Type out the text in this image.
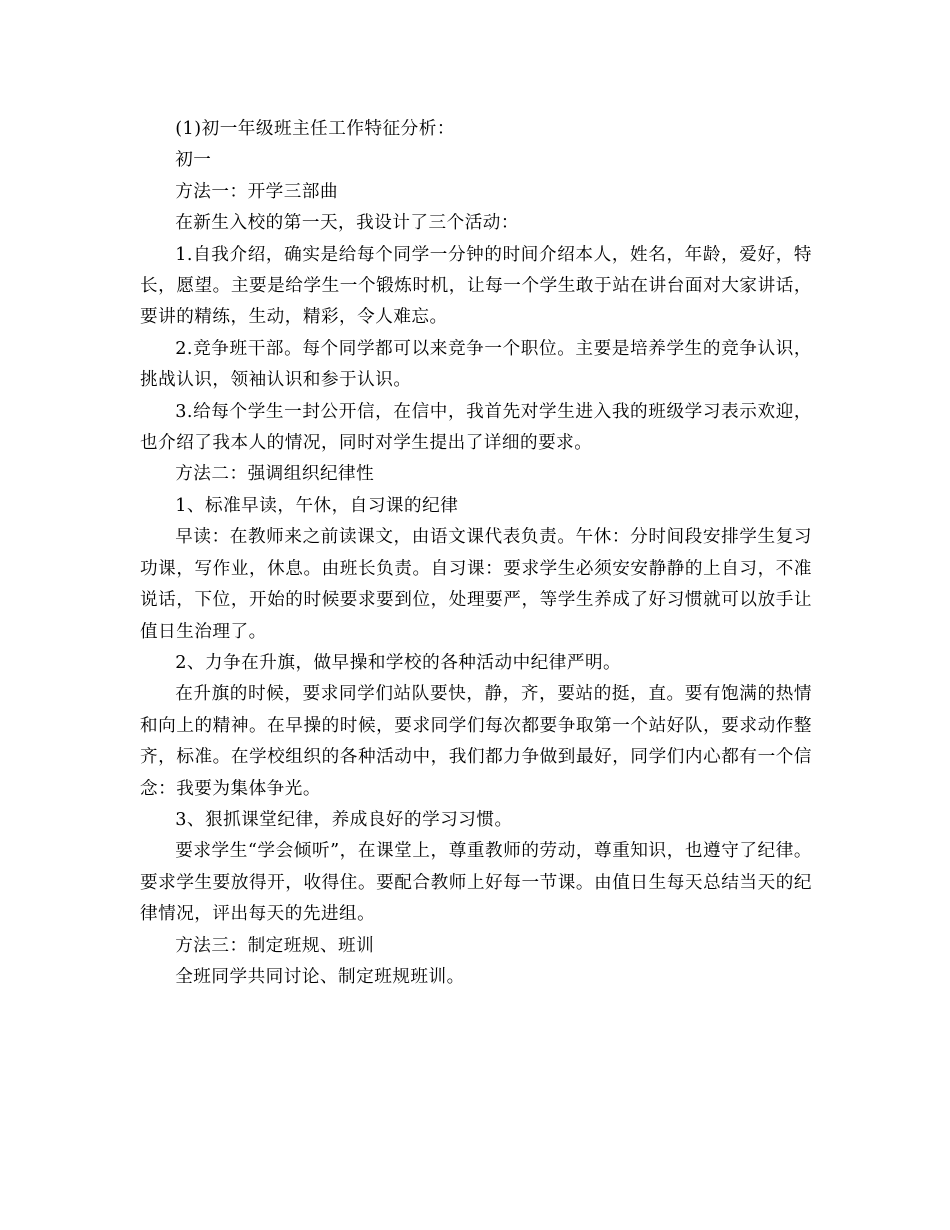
(1)初一年级班主任工作特征分析：

初一

方法一：开学三部曲

在新生入校的第一天，我设计了三个活动：

1.自我介绍，确实是给每个同学一分钟的时间介绍本人，姓名，年龄，爱好，特长，愿望。主要是给学生一个锻炼时机，让每一个学生敢于站在讲台面对大家讲话，要讲的精练，生动，精彩，令人难忘。

2.竞争班干部。每个同学都可以来竞争一个职位。主要是培养学生的竞争认识，挑战认识，领袖认识和参于认识。

3.给每个学生一封公开信，在信中，我首先对学生进入我的班级学习表示欢迎，也介绍了我本人的情况，同时对学生提出了详细的要求。

方法二：强调组织纪律性

1、标准早读，午休，自习课的纪律

早读：在教师来之前读课文，由语文课代表负责。午休：分时间段安排学生复习功课，写作业，休息。由班长负责。自习课：要求学生必须安安静静的上自习，不准说话，下位，开始的时候要求要到位，处理要严，等学生养成了好习惯就可以放手让值日生治理了。

2、力争在升旗，做早操和学校的各种活动中纪律严明。

在升旗的时候，要求同学们站队要快，静，齐，要站的挺，直。要有饱满的热情和向上的精神。在早操的时候，要求同学们每次都要争取第一个站好队，要求动作整齐，标准。在学校组织的各种活动中，我们都力争做到最好，同学们内心都有一个信念：我要为集体争光。

3、狠抓课堂纪律，养成良好的学习习惯。

要求学生“学会倾听”，在课堂上，尊重教师的劳动，尊重知识，也遵守了纪律。要求学生要放得开，收得住。要配合教师上好每一节课。由值日生每天总结当天的纪律情况，评出每天的先进组。

方法三：制定班规、班训

全班同学共同讨论、制定班规班训。
